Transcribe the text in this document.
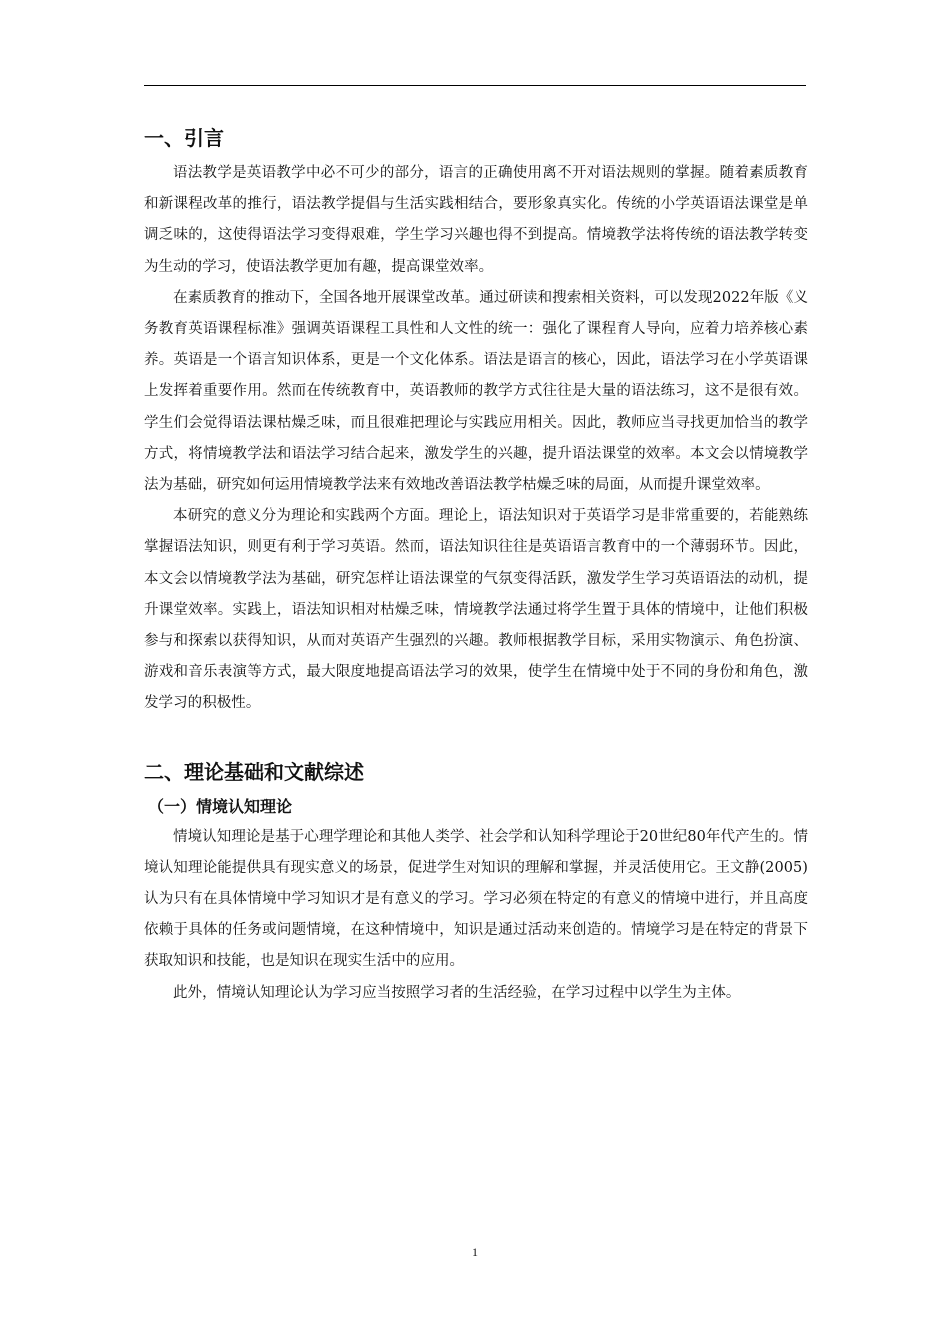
一、引言

语法教学是英语教学中必不可少的部分，语言的正确使用离不开对语法规则的掌握。随着素质教育和新课程改革的推行，语法教学提倡与生活实践相结合，要形象真实化。传统的小学英语语法课堂是单调乏味的，这使得语法学习变得艰难，学生学习兴趣也得不到提高。情境教学法将传统的语法教学转变为生动的学习，使语法教学更加有趣，提高课堂效率。

在素质教育的推动下，全国各地开展课堂改革。通过研读和搜索相关资料，可以发现2022年版《义务教育英语课程标准》强调英语课程工具性和人文性的统一：强化了课程育人导向，应着力培养核心素养。英语是一个语言知识体系，更是一个文化体系。语法是语言的核心，因此，语法学习在小学英语课上发挥着重要作用。然而在传统教育中，英语教师的教学方式往往是大量的语法练习，这不是很有效。学生们会觉得语法课枯燥乏味，而且很难把理论与实践应用相关。因此，教师应当寻找更加恰当的教学方式，将情境教学法和语法学习结合起来，激发学生的兴趣，提升语法课堂的效率。本文会以情境教学法为基础，研究如何运用情境教学法来有效地改善语法教学枯燥乏味的局面，从而提升课堂效率。

本研究的意义分为理论和实践两个方面。理论上，语法知识对于英语学习是非常重要的，若能熟练掌握语法知识，则更有利于学习英语。然而，语法知识往往是英语语言教育中的一个薄弱环节。因此，本文会以情境教学法为基础，研究怎样让语法课堂的气氛变得活跃，激发学生学习英语语法的动机，提升课堂效率。实践上，语法知识相对枯燥乏味，情境教学法通过将学生置于具体的情境中，让他们积极参与和探索以获得知识，从而对英语产生强烈的兴趣。教师根据教学目标，采用实物演示、角色扮演、游戏和音乐表演等方式，最大限度地提高语法学习的效果，使学生在情境中处于不同的身份和角色，激发学习的积极性。

二、理论基础和文献综述
（一）情境认知理论

情境认知理论是基于心理学理论和其他人类学、社会学和认知科学理论于20世纪80年代产生的。情境认知理论能提供具有现实意义的场景，促进学生对知识的理解和掌握，并灵活使用它。王文静(2005)认为只有在具体情境中学习知识才是有意义的学习。学习必须在特定的有意义的情境中进行，并且高度依赖于具体的任务或问题情境，在这种情境中，知识是通过活动来创造的。情境学习是在特定的背景下获取知识和技能，也是知识在现实生活中的应用。

此外，情境认知理论认为学习应当按照学习者的生活经验，在学习过程中以学生为主体。

1
